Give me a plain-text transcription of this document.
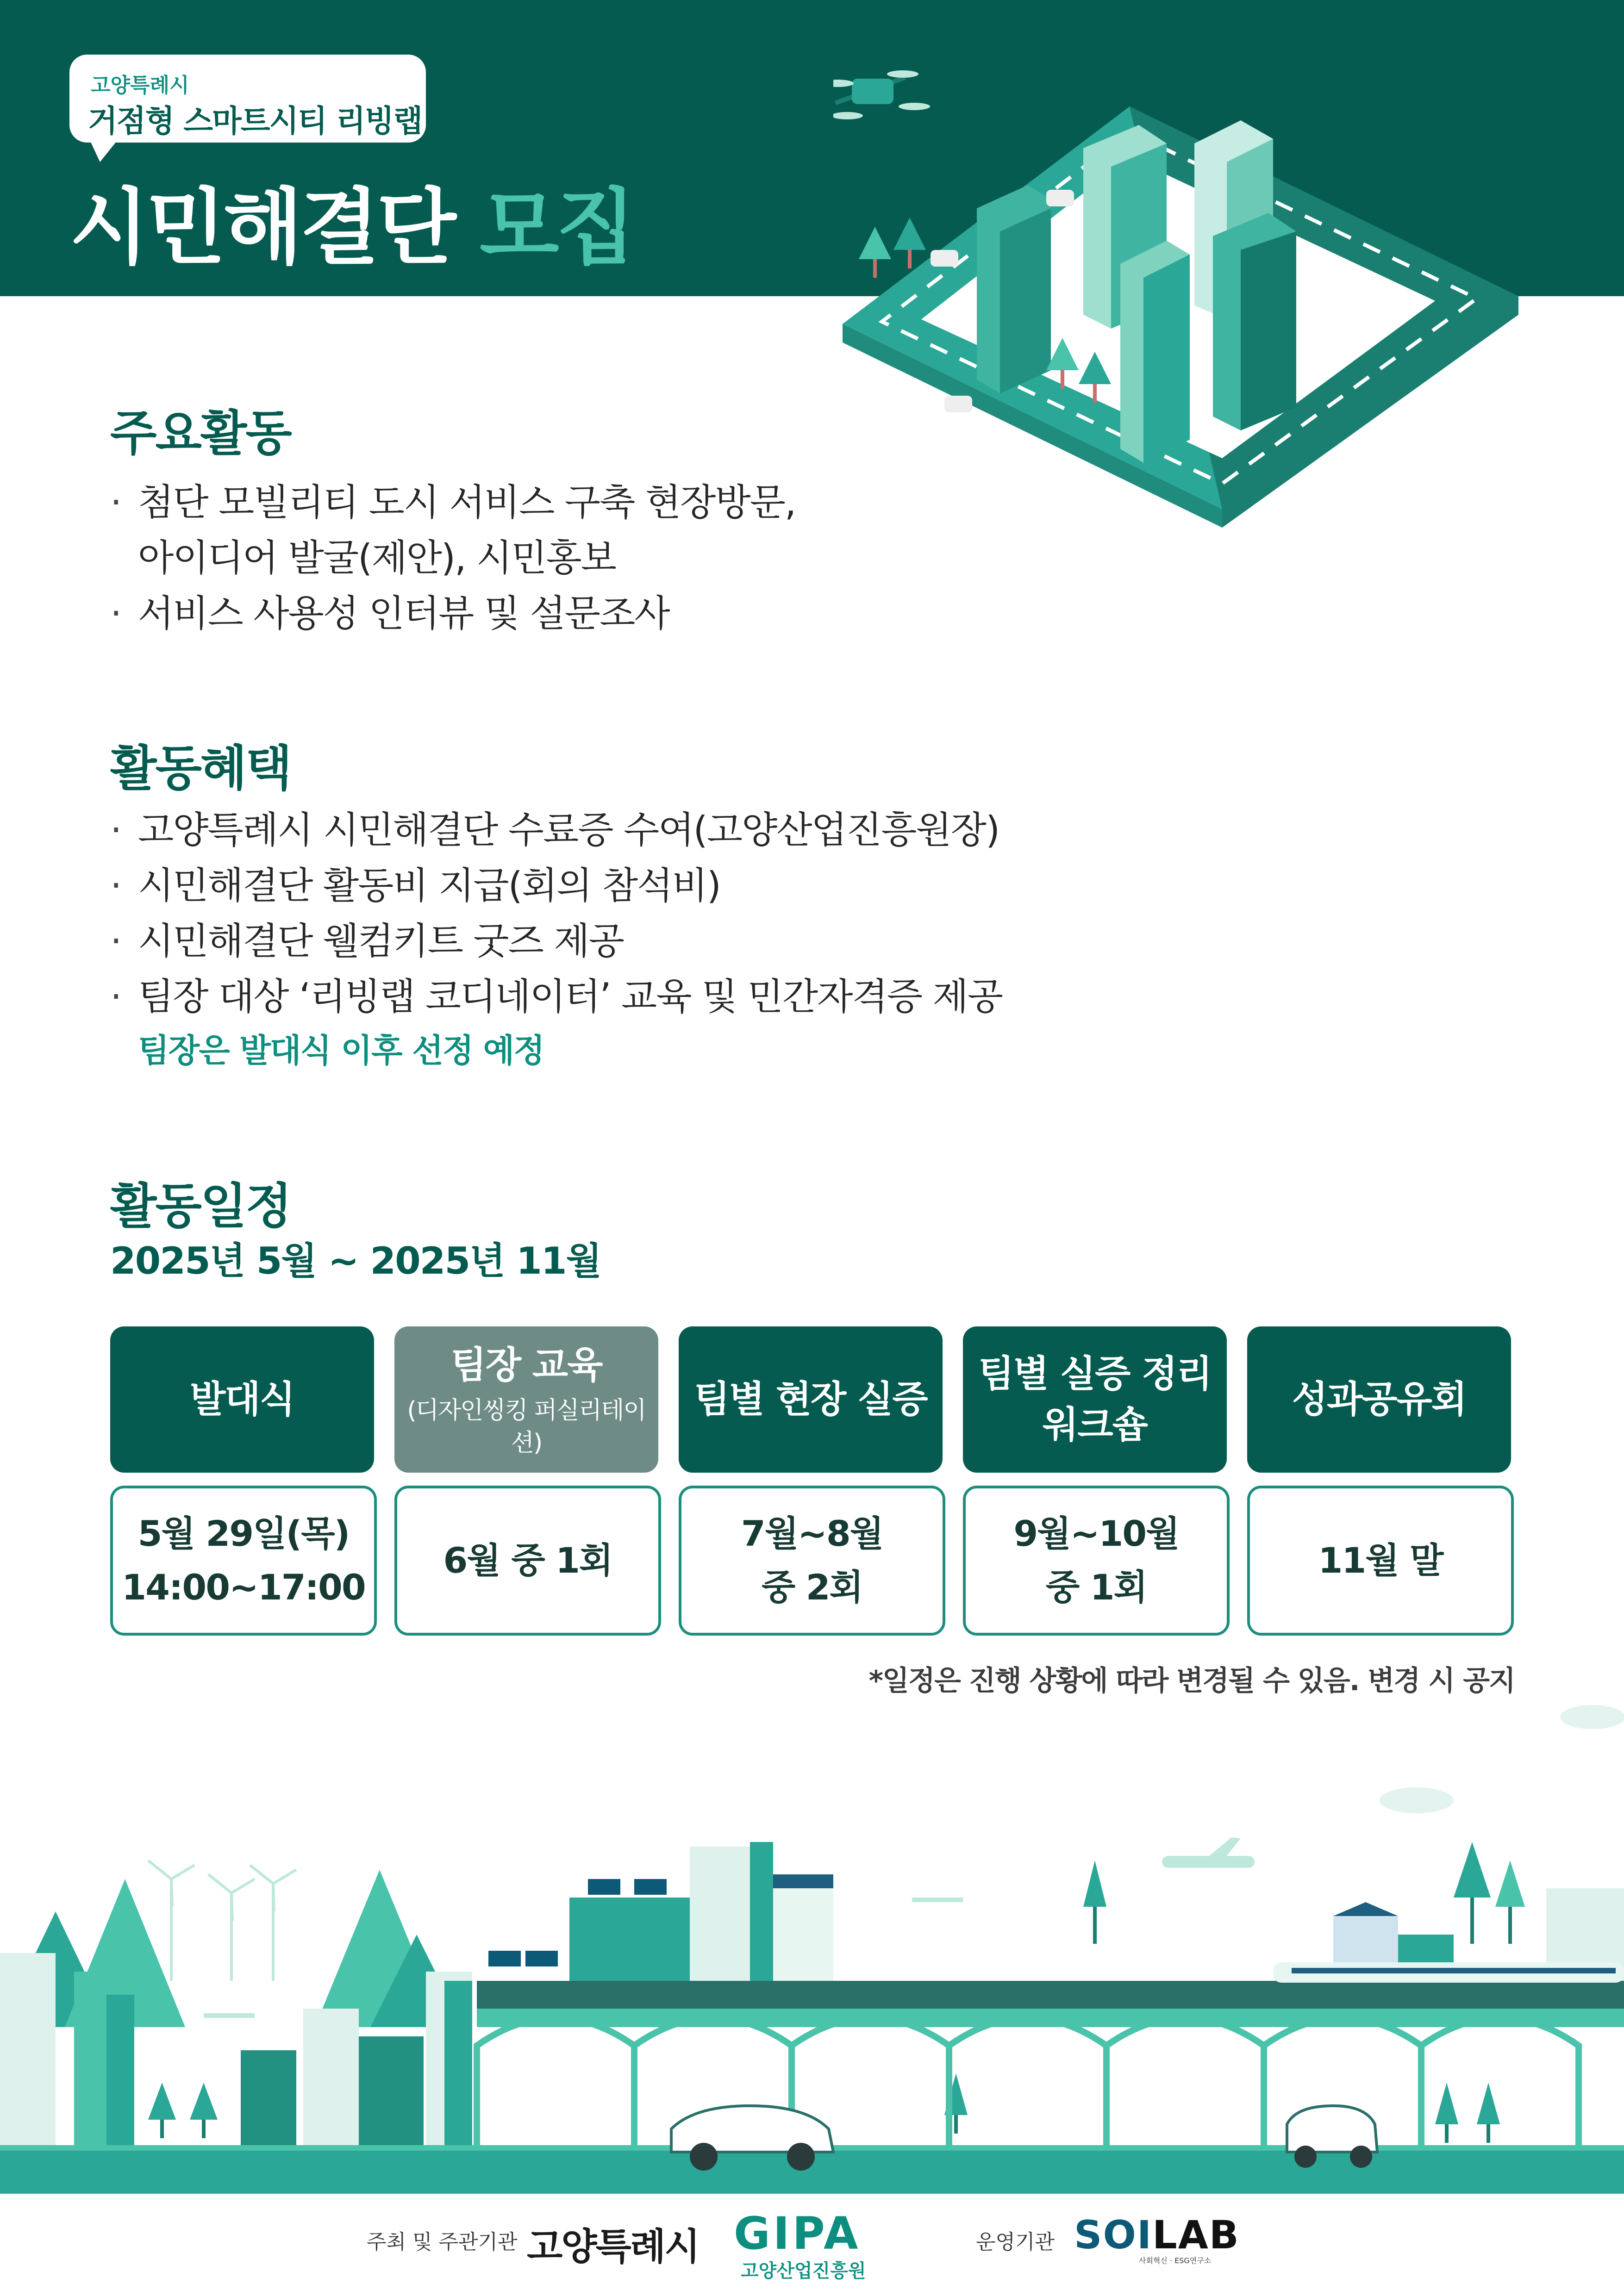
고양특례시
거점형 스마트시티 리빙랩
시민해결단 모집
주요활동
· 첨단 모빌리티 도시 서비스 구축 현장방문,
아이디어 발굴(제안), 시민홍보
· 서비스 사용성 인터뷰 및 설문조사
활동혜택
· 고양특례시 시민해결단 수료증 수여(고양산업진흥원장)
· 시민해결단 활동비 지급(회의 참석비)
· 시민해결단 웰컴키트 굿즈 제공
· 팀장 대상 ‘리빙랩 코디네이터’ 교육 및 민간자격증 제공
팀장은 발대식 이후 선정 예정
활동일정
2025년 5월 ~ 2025년 11월
발대식
팀장 교육
(디자인씽킹 퍼실리테이션)
팀별 현장 실증
팀별 실증 정리
워크숍
성과공유회
5월 29일(목)
14:00~17:00
6월 중 1회
7월~8월
중 2회
9월~10월
중 1회
11월 말
*일정은 진행 상황에 따라 변경될 수 있음. 변경 시 공지
주최 및 주관기관 고양특례시 GIPA
고양산업진흥원
운영기관 SOILAB
사회혁신 · ESG연구소
